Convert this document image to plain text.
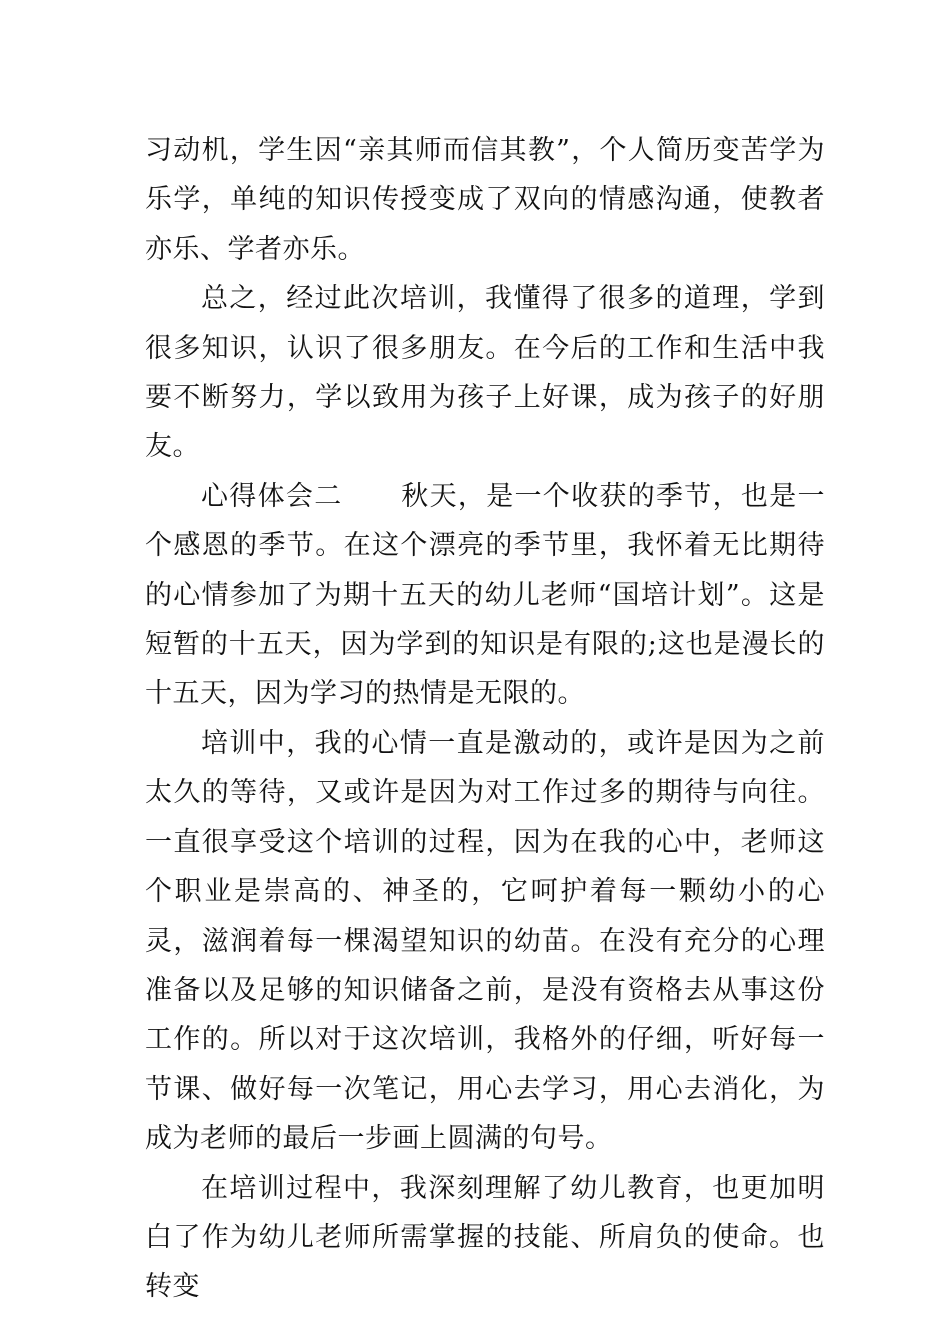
习动机，学生因“亲其师而信其教”，个人简历变苦学为乐学，单纯的知识传授变成了双向的情感沟通，使教者亦乐、学者亦乐。

总之，经过此次培训，我懂得了很多的道理，学到很多知识，认识了很多朋友。在今后的工作和生活中我要不断努力，学以致用为孩子上好课，成为孩子的好朋友。

心得体会二 秋天，是一个收获的季节，也是一个感恩的季节。在这个漂亮的季节里，我怀着无比期待的心情参加了为期十五天的幼儿老师“国培计划”。这是短暂的十五天，因为学到的知识是有限的;这也是漫长的十五天，因为学习的热情是无限的。

培训中，我的心情一直是激动的，或许是因为之前太久的等待，又或许是因为对工作过多的期待与向往。一直很享受这个培训的过程，因为在我的心中，老师这个职业是崇高的、神圣的，它呵护着每一颗幼小的心灵，滋润着每一棵渴望知识的幼苗。在没有充分的心理准备以及足够的知识储备之前，是没有资格去从事这份工作的。所以对于这次培训，我格外的仔细，听好每一节课、做好每一次笔记，用心去学习，用心去消化，为成为老师的最后一步画上圆满的句号。

在培训过程中，我深刻理解了幼儿教育，也更加明白了作为幼儿老师所需掌握的技能、所肩负的使命。也转变
